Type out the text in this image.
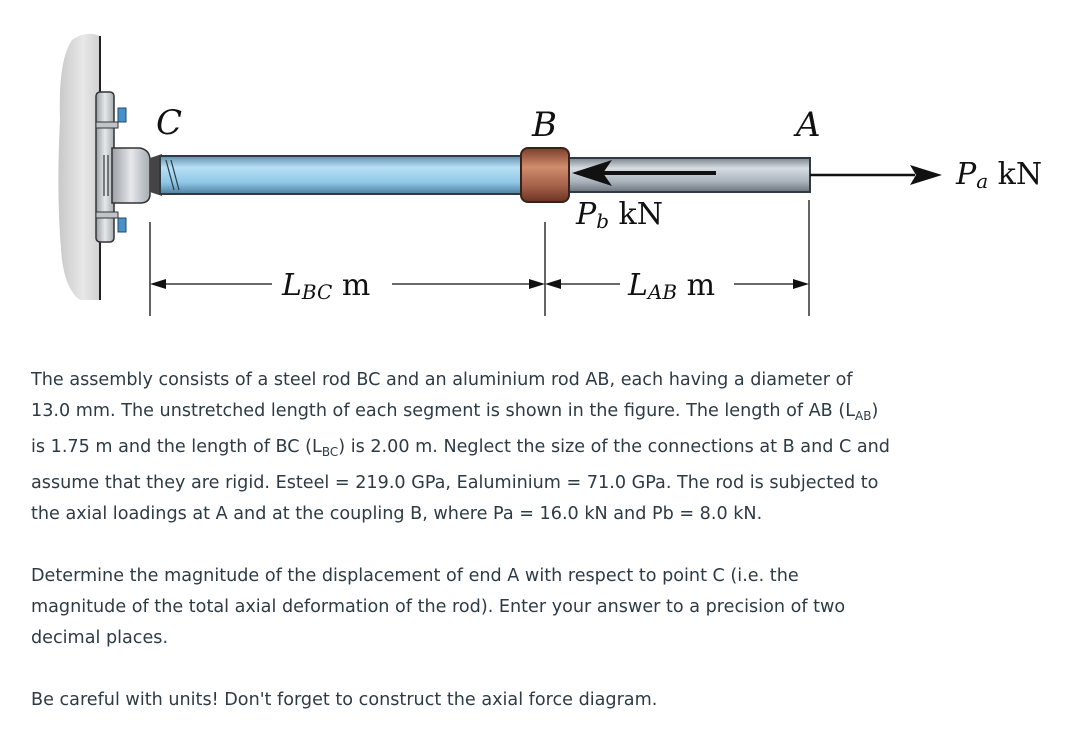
C	B	A
Pa kN
Pb kN
LBC m	LAB m

The assembly consists of a steel rod BC and an aluminium rod AB, each having a diameter of 13.0 mm. The unstretched length of each segment is shown in the figure. The length of AB $(L_{AB})$ is 1.75 m and the length of BC $(L_{BC})$ is 2.00 m. Neglect the size of the connections at B and C and assume that they are rigid. Esteel = 219.0 GPa, Ealuminium = 71.0 GPa. The rod is subjected to the axial loadings at A and at the coupling B, where Pa = 16.0 kN and Pb = 8.0 kN.

Determine the magnitude of the displacement of end A with respect to point C (i.e. the magnitude of the total axial deformation of the rod). Enter your answer to a precision of two decimal places.

Be careful with units! Don't forget to construct the axial force diagram.
